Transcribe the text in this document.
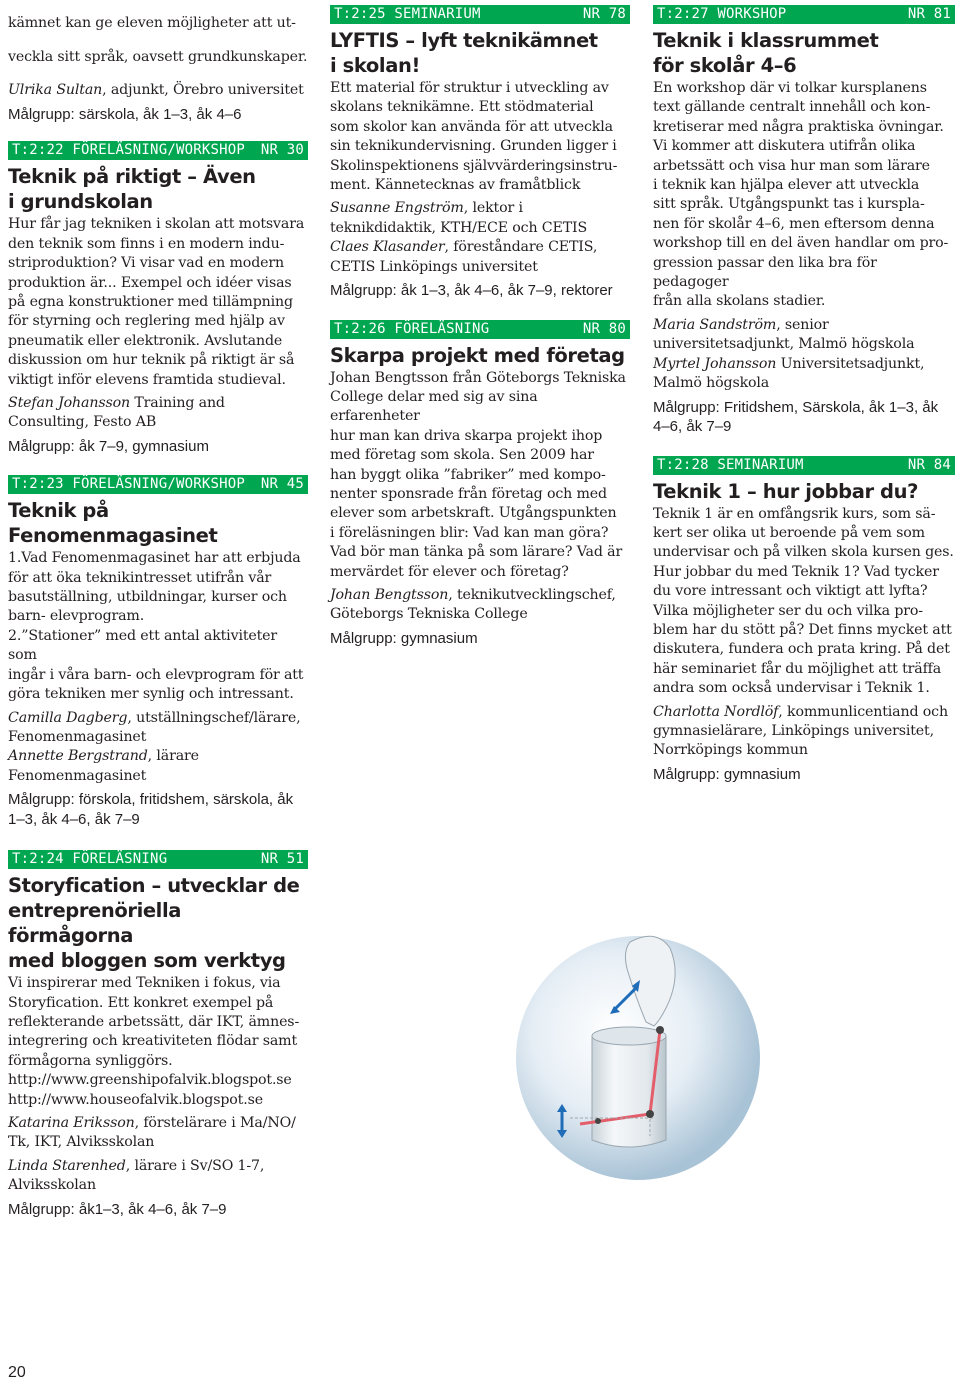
kämnet kan ge eleven möjligheter att ut-

veckla sitt språk, oavsett grundkunskaper.

Ulrika Sultan, adjunkt, Örebro universitet
Målgrupp: särskola, åk 1–3, åk 4–6
T:2:22 FÖRELÄSNING/WORKSHOP NR 30
Teknik på riktigt – Även
i grundskolan

Hur får jag tekniken i skolan att motsvara

den teknik som finns i en modern indu-

striproduktion? Vi visar vad en modern

produktion är... Exempel och idéer visas

på egna konstruktioner med tillämpning

för styrning och reglering med hjälp av

pneumatik eller elektronik. Avslutande

diskussion om hur teknik på riktigt är så

viktigt inför elevens framtida studieval.

Stefan Johansson Training and Consulting, Festo AB
Målgrupp: åk 7–9, gymnasium
T:2:23 FÖRELÄSNING/WORKSHOP NR 45
Teknik på Fenomenmagasinet

1.Vad Fenomenmagasinet har att erbjuda

för att öka teknikintresset utifrån vår

basutställning, utbildningar, kurser och

barn- elevprogram.

2.”Stationer” med ett antal aktiviteter som

ingår i våra barn- och elevprogram för att

göra tekniken mer synlig och intressant.

Camilla Dagberg, utställningschef/lärare, Fenomenmagasinet
Annette Bergstrand, lärare Fenomenmagasinet
Målgrupp: förskola, fritidshem, särskola, åk 1–3, åk 4–6, åk 7–9
T:2:24 FÖRELÄSNING	NR 51
Storyfication – utvecklar de
entreprenöriella förmågorna
med bloggen som verktyg

Vi inspirerar med Tekniken i fokus, via

Storyfication. Ett konkret exempel på

reflekterande arbetssätt, där IKT, ämnes-

integrering och kreativiteten flödar samt

förmågorna synliggörs.

http://www.greenshipofalvik.blogspot.se

http://www.houseofalvik.blogspot.se

Katarina Eriksson, förstelärare i Ma/NO/ Tk, IKT, Alviksskolan
Linda Starenhed, lärare i Sv/SO 1-7, Alviksskolan
Målgrupp: åk1–3, åk 4–6, åk 7–9
T:2:25 SEMINARIUM	NR 78
LYFTIS – lyft teknikämnet
i skolan!

Ett material för struktur i utveckling av

skolans teknikämne. Ett stödmaterial

som skolor kan använda för att utveckla

sin teknikundervisning. Grunden ligger i

Skolinspektionens självvärderingsinstru-

ment. Kännetecknas av framåtblick

Susanne Engström, lektor i teknikdidaktik, KTH/ECE och CETIS
Claes Klasander, föreståndare CETIS, CETIS Linköpings universitet
Målgrupp: åk 1–3, åk 4–6, åk 7–9, rektorer
T:2:26 FÖRELÄSNING	NR 80
Skarpa projekt med företag

Johan Bengtsson från Göteborgs Tekniska

College delar med sig av sina erfarenheter

hur man kan driva skarpa projekt ihop

med företag som skola. Sen 2009 har

han byggt olika ”fabriker” med kompo-

nenter sponsrade från företag och med

elever som arbetskraft. Utgångspunkten

i föreläsningen blir: Vad kan man göra?

Vad bör man tänka på som lärare? Vad är

mervärdet för elever och företag?

Johan Bengtsson, teknikutvecklingschef, Göteborgs Tekniska College
Målgrupp: gymnasium
T:2:27 WORKSHOP	NR 81
Teknik i klassrummet
för skolår 4–6

En workshop där vi tolkar kursplanens

text gällande centralt innehåll och kon-

kretiserar med några praktiska övningar.

Vi kommer att diskutera utifrån olika

arbetssätt och visa hur man som lärare

i teknik kan hjälpa elever att utveckla

sitt språk. Utgångspunkt tas i kurspla-

nen för skolår 4–6, men eftersom denna

workshop till en del även handlar om pro-

gression passar den lika bra för pedagoger

från alla skolans stadier.

Maria Sandström, senior universitetsadjunkt, Malmö högskola
Myrtel Johansson Universitetsadjunkt, Malmö högskola
Målgrupp: Fritidshem, Särskola, åk 1–3, åk 4–6, åk 7–9
T:2:28 SEMINARIUM	NR 84
Teknik 1 – hur jobbar du?

Teknik 1 är en omfångsrik kurs, som sä-

kert ser olika ut beroende på vem som

undervisar och på vilken skola kursen ges.

Hur jobbar du med Teknik 1? Vad tycker

du vore intressant och viktigt att lyfta?

Vilka möjligheter ser du och vilka pro-

blem har du stött på? Det finns mycket att

diskutera, fundera och prata kring. På det

här seminariet får du möjlighet att träffa

andra som också undervisar i Teknik 1.

Charlotta Nordlöf, kommunlicentiand och gymnasielärare, Linköpings universitet, Norrköpings kommun
Målgrupp: gymnasium
20
